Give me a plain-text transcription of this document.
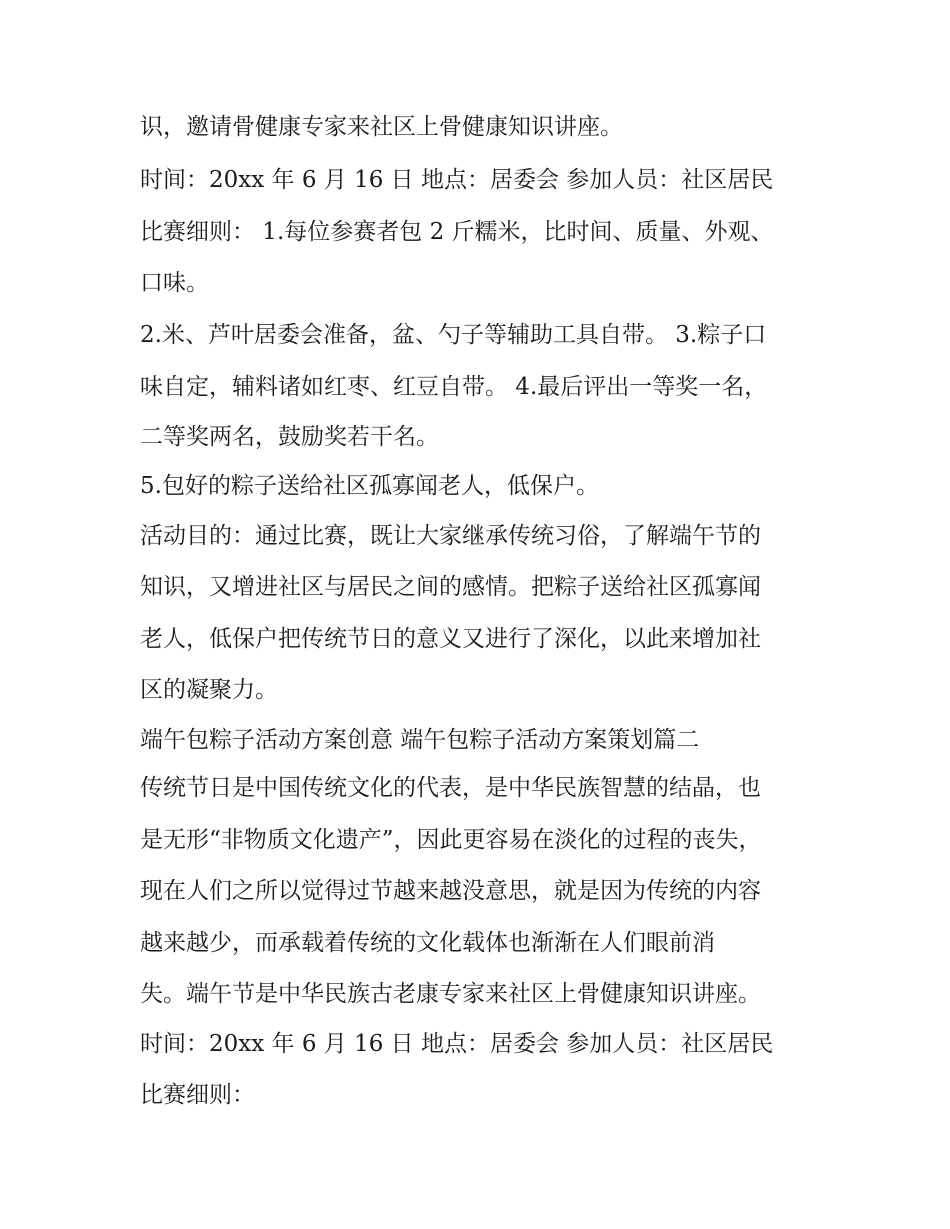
识，邀请骨健康专家来社区上骨健康知识讲座。
时间：20xx 年 6 月 16 日 地点：居委会 参加人员：社区居民
比赛细则： 1.每位参赛者包 2 斤糯米，比时间、质量、外观、
口味。
2.米、芦叶居委会准备，盆、勺子等辅助工具自带。 3.粽子口
味自定，辅料诸如红枣、红豆自带。 4.最后评出一等奖一名，
二等奖两名，鼓励奖若干名。
5.包好的粽子送给社区孤寡闻老人，低保户。
活动目的：通过比赛，既让大家继承传统习俗，了解端午节的
知识，又增进社区与居民之间的感情。把粽子送给社区孤寡闻
老人，低保户把传统节日的意义又进行了深化，以此来增加社
区的凝聚力。
端午包粽子活动方案创意 端午包粽子活动方案策划篇二
传统节日是中国传统文化的代表，是中华民族智慧的结晶，也
是无形“非物质文化遗产”，因此更容易在淡化的过程的丧失，
现在人们之所以觉得过节越来越没意思，就是因为传统的内容
越来越少，而承载着传统的文化载体也渐渐在人们眼前消
失。端午节是中华民族古老康专家来社区上骨健康知识讲座。
时间：20xx 年 6 月 16 日 地点：居委会 参加人员：社区居民
比赛细则：
